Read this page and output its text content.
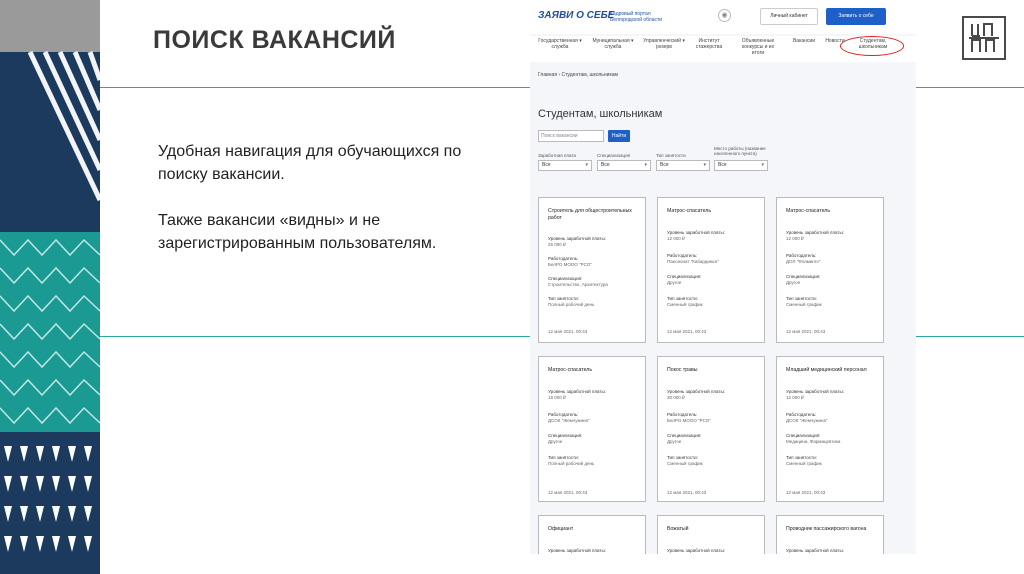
ПОИСК ВАКАНСИЙ
Удобная навигация для обучающихся по поиску вакансии.
Также вакансии «видны» и не зарегистрированным пользователям.
ЗАЯВИ О СЕБЕ
Кадровый портал Белгородской области
◉	Личный кабинет	Заявить о себе
Государственная ▾ служба
Муниципальная ▾ служба
Управленческий ▾ резерв
Институт стажерства
Объявленные конкурсы и их итоги
Вакансии	Новости	Студентам, школьникам
Главная › Студентам, школьникам
Студентам, школьникам
Поиск вакансии	Найти
Заработная плата	Специализация	Тип занятости
Место работы (название населенного пункта)
Все	▾	Все	▾	Все	▾	Все	▾
Строитель для общестроительных работ
Уровень заработной платы:
25 000 ₽
Работодатель:
БелРО МООО "РСО"
Специализация:
Строительство, Архитектура
Тип занятости:
Полный рабочий день
12 мая 2021, 00:43
Матрос-спасатель
Уровень заработной платы:
12 000 ₽
Работодатель:
Пансионат "Кабардинка"
Специализация:
Другое
Тип занятости:
Сменный график
12 мая 2021, 00:43
Матрос-спасатель
Уровень заработной платы:
12 000 ₽
Работодатель:
ДОЛ "Фламинго"
Специализация:
Другое
Тип занятости:
Сменный график
12 мая 2021, 00:43
Матрос-спасатель
Уровень заработной платы:
18 000 ₽
Работодатель:
ДСОК "Жемчужина"
Специализация:
Другое
Тип занятости:
Полный рабочий день
12 мая 2021, 00:43
Покос травы
Уровень заработной платы:
30 000 ₽
Работодатель:
БелРО МООО "РСО"
Специализация:
Другое
Тип занятости:
Сменный график
12 мая 2021, 00:43
Младший медицинский персонал
Уровень заработной платы:
12 000 ₽
Работодатель:
ДСОК "Жемчужина"
Специализация:
Медицина, Фармацевтика
Тип занятости:
Сменный график
12 мая 2021, 00:43
Официант
Уровень заработной платы:
Вожатый
Уровень заработной платы:
Проводник пассажирского вагона
Уровень заработной платы:
